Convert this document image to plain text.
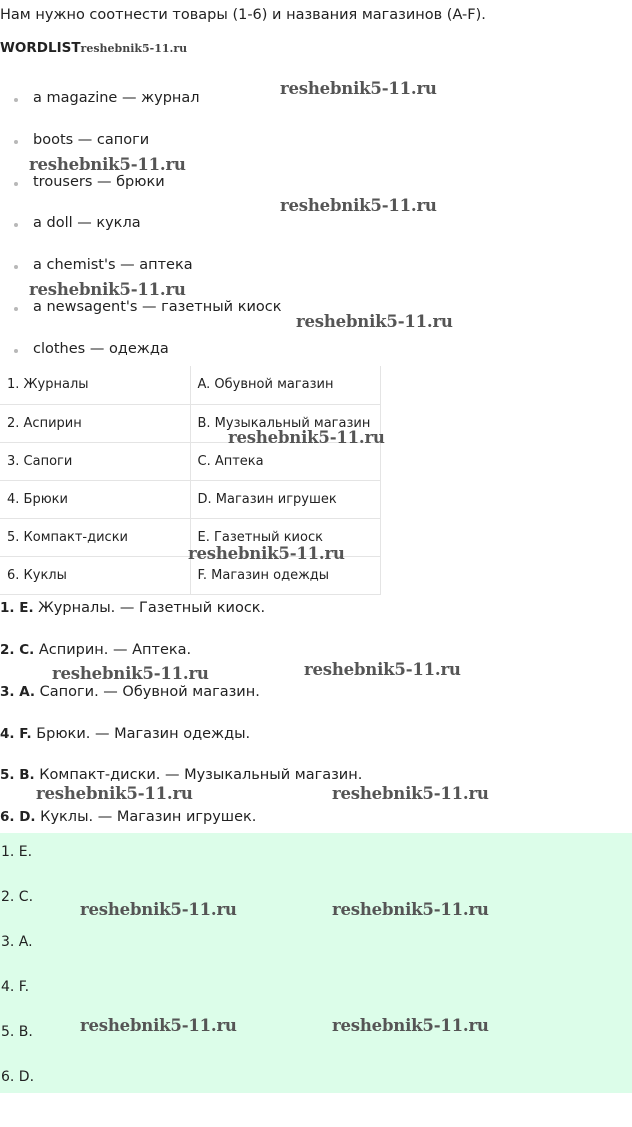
Нам нужно соотнести товары (1-6) и названия магазинов (A-F).

WORDLISTreshebnik5-11.ru

a magazine — журнал
boots — сапоги
trousers — брюки
a doll — кукла
a chemist's — аптека
a newsagent's — газетный киоск
clothes — одежда
1. Журналы	A. Обувной магазин
2. Аспирин	B. Музыкальный магазин
3. Сапоги	C. Аптека
4. Брюки	D. Магазин игрушек
5. Компакт-диски	E. Газетный киоск
6. Куклы	F. Магазин одежды

1. E. Журналы. — Газетный киоск.

2. C. Аспирин. — Аптека.

3. A. Сапоги. — Обувной магазин.

4. F. Брюки. — Магазин одежды.

5. B. Компакт-диски. — Музыкальный магазин.

6. D. Куклы. — Магазин игрушек.

1. E.

2. C.

3. A.

4. F.

5. B.

6. D.

reshebnik5-11.ru
reshebnik5-11.ru
reshebnik5-11.ru
reshebnik5-11.ru
reshebnik5-11.ru
reshebnik5-11.ru
reshebnik5-11.ru
reshebnik5-11.ru	reshebnik5-11.ru
reshebnik5-11.ru	reshebnik5-11.ru
reshebnik5-11.ru	reshebnik5-11.ru
reshebnik5-11.ru	reshebnik5-11.ru
